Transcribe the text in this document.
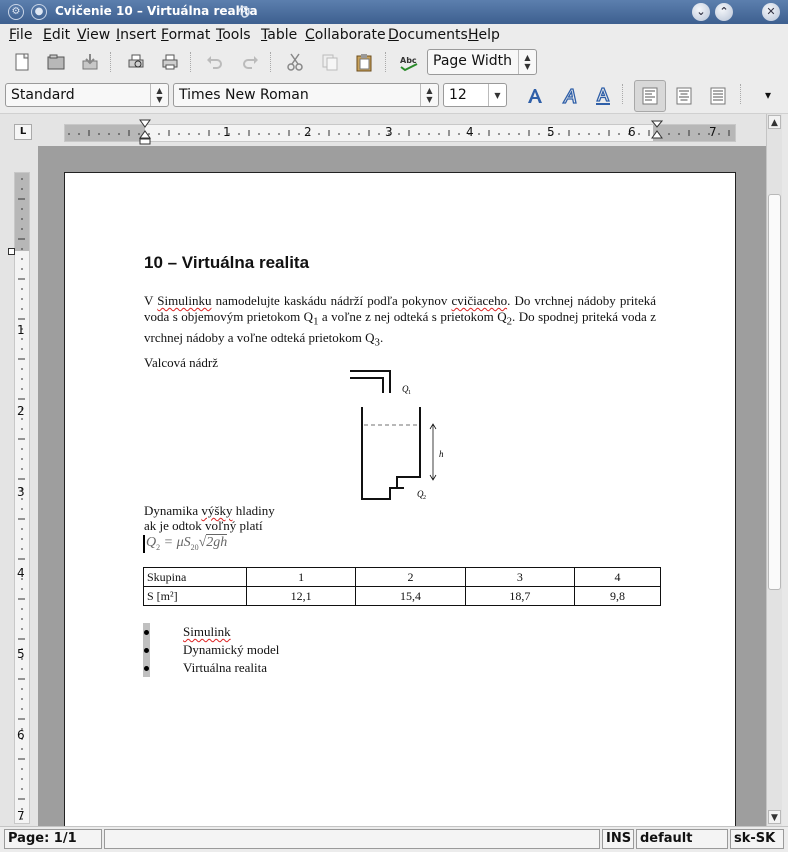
⚙	● Cvičenie 10 – Virtuálna realita	⌄	⌃	✕
File Edit View Insert Format Tools Table Collaborate Documents Help
Abc Page Width	▲
▼
Standard	▲
▼	Times New Roman	▲
▼	12	▼	▾
L	1	2	3	4	5	6	7
1
2
3
4
5
6
7
10 – Virtuálna realita

V Simulinku namodelujte kaskádu nádrží podľa pokynov cvičiaceho. Do vrchnej nádoby priteká voda s objemovým prietokom $Q_1$ a voľne z nej odteká s prietokom $Q_2$. Do spodnej priteká voda z vrchnej nádoby a voľne odteká prietokom $Q_3$.

Valcová nádrž

Q 1
h
Q 2

Dynamika výšky hladiny

ak je odtok voľný platí

$Q_2 = \mu S_{20}√2gh$
Skupina	1	2	3	4
S [m²]	12,1	15,4	18,7	9,8
Simulink
Dynamický model
Virtuálna realita
▲
▼
Page: 1/1	INS default	sk-SK
